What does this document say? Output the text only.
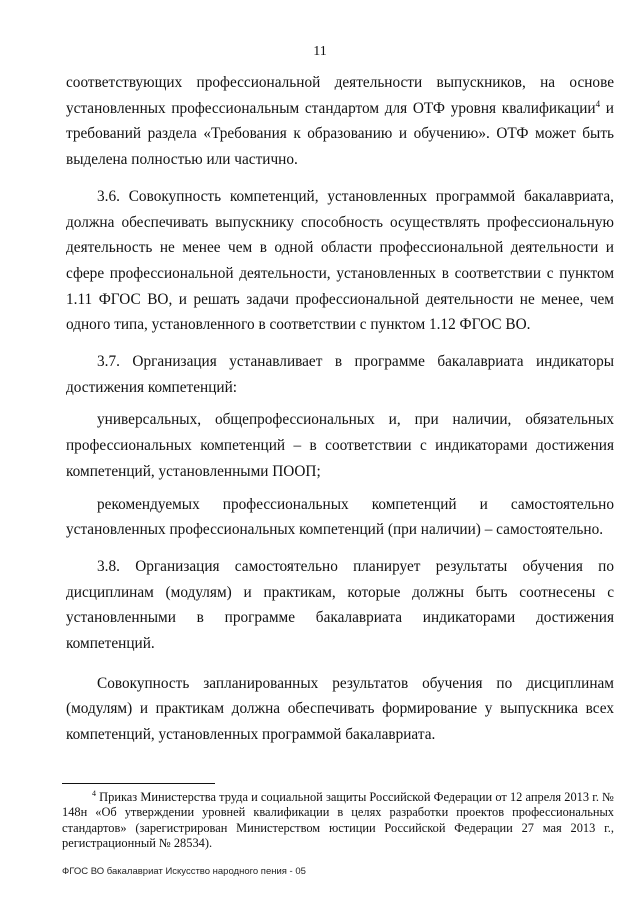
11

соответствующих профессиональной деятельности выпускников, на основе установленных профессиональным стандартом для ОТФ уровня квалификации$^4$ и требований раздела «Требования к образованию и обучению». ОТФ может быть выделена полностью или частично.

3.6. Совокупность компетенций, установленных программой бакалавриата, должна обеспечивать выпускнику способность осуществлять профессиональную деятельность не менее чем в одной области профессиональной деятельности и сфере профессиональной деятельности, установленных в соответствии с пунктом 1.11 ФГОС ВО, и решать задачи профессиональной деятельности не менее, чем одного типа, установленного в соответствии с пунктом 1.12 ФГОС ВО.

3.7. Организация устанавливает в программе бакалавриата индикаторы достижения компетенций:

универсальных, общепрофессиональных и, при наличии, обязательных профессиональных компетенций – в соответствии с индикаторами достижения компетенций, установленными ПООП;

рекомендуемых профессиональных компетенций и самостоятельно установленных профессиональных компетенций (при наличии) – самостоятельно.

3.8. Организация самостоятельно планирует результаты обучения по дисциплинам (модулям) и практикам, которые должны быть соотнесены с установленными в программе бакалавриата индикаторами достижения компетенций.

Совокупность запланированных результатов обучения по дисциплинам (модулям) и практикам должна обеспечивать формирование у выпускника всех компетенций, установленных программой бакалавриата.

$^4$ Приказ Министерства труда и социальной защиты Российской Федерации от 12 апреля 2013 г. № 148н «Об утверждении уровней квалификации в целях разработки проектов профессиональных стандартов» (зарегистрирован Министерством юстиции Российской Федерации 27 мая 2013 г., регистрационный № 28534).

ФГОС ВО бакалавриат Искусство народного пения - 05
